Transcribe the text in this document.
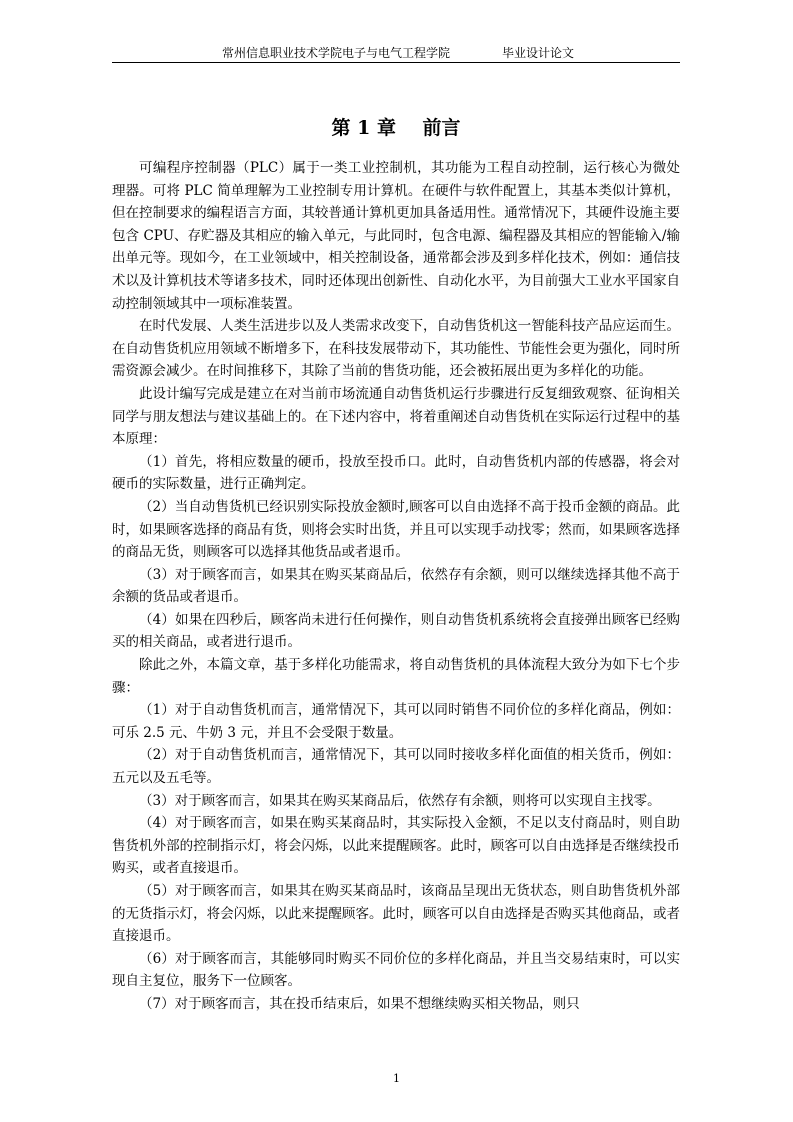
常州信息职业技术学院电子与电气工程学院	毕业设计论文
第 1 章    前言

可编程序控制器（PLC）属于一类工业控制机，其功能为工程自动控制，运行核心为微处理器。可将 PLC 简单理解为工业控制专用计算机。在硬件与软件配置上，其基本类似计算机，但在控制要求的编程语言方面，其较普通计算机更加具备适用性。通常情况下，其硬件设施主要包含 CPU、存贮器及其相应的输入单元，与此同时，包含电源、编程器及其相应的智能输入/输出单元等。现如今，在工业领域中，相关控制设备，通常都会涉及到多样化技术，例如：通信技术以及计算机技术等诸多技术，同时还体现出创新性、自动化水平，为目前强大工业水平国家自动控制领域其中一项标准装置。

在时代发展、人类生活进步以及人类需求改变下，自动售货机这一智能科技产品应运而生。在自动售货机应用领域不断增多下，在科技发展带动下，其功能性、节能性会更为强化，同时所需资源会减少。在时间推移下，其除了当前的售货功能，还会被拓展出更为多样化的功能。

此设计编写完成是建立在对当前市场流通自动售货机运行步骤进行反复细致观察、征询相关同学与朋友想法与建议基础上的。在下述内容中，将着重阐述自动售货机在实际运行过程中的基本原理：

（1）首先，将相应数量的硬币，投放至投币口。此时，自动售货机内部的传感器，将会对硬币的实际数量，进行正确判定。

（2）当自动售货机已经识别实际投放金额时,顾客可以自由选择不高于投币金额的商品。此时，如果顾客选择的商品有货，则将会实时出货，并且可以实现手动找零；然而，如果顾客选择的商品无货，则顾客可以选择其他货品或者退币。

（3）对于顾客而言，如果其在购买某商品后，依然存有余额，则可以继续选择其他不高于余额的货品或者退币。

（4）如果在四秒后，顾客尚未进行任何操作，则自动售货机系统将会直接弹出顾客已经购买的相关商品，或者进行退币。

除此之外，本篇文章，基于多样化功能需求，将自动售货机的具体流程大致分为如下七个步骤：

（1）对于自动售货机而言，通常情况下，其可以同时销售不同价位的多样化商品，例如：可乐 2.5 元、牛奶 3 元，并且不会受限于数量。

（2）对于自动售货机而言，通常情况下，其可以同时接收多样化面值的相关货币，例如：五元以及五毛等。

（3）对于顾客而言，如果其在购买某商品后，依然存有余额，则将可以实现自主找零。

（4）对于顾客而言，如果在购买某商品时，其实际投入金额，不足以支付商品时，则自助售货机外部的控制指示灯，将会闪烁，以此来提醒顾客。此时，顾客可以自由选择是否继续投币购买，或者直接退币。

（5）对于顾客而言，如果其在购买某商品时，该商品呈现出无货状态，则自助售货机外部的无货指示灯，将会闪烁，以此来提醒顾客。此时，顾客可以自由选择是否购买其他商品，或者直接退币。

（6）对于顾客而言，其能够同时购买不同价位的多样化商品，并且当交易结束时，可以实现自主复位，服务下一位顾客。

（7）对于顾客而言，其在投币结束后，如果不想继续购买相关物品，则只

1
